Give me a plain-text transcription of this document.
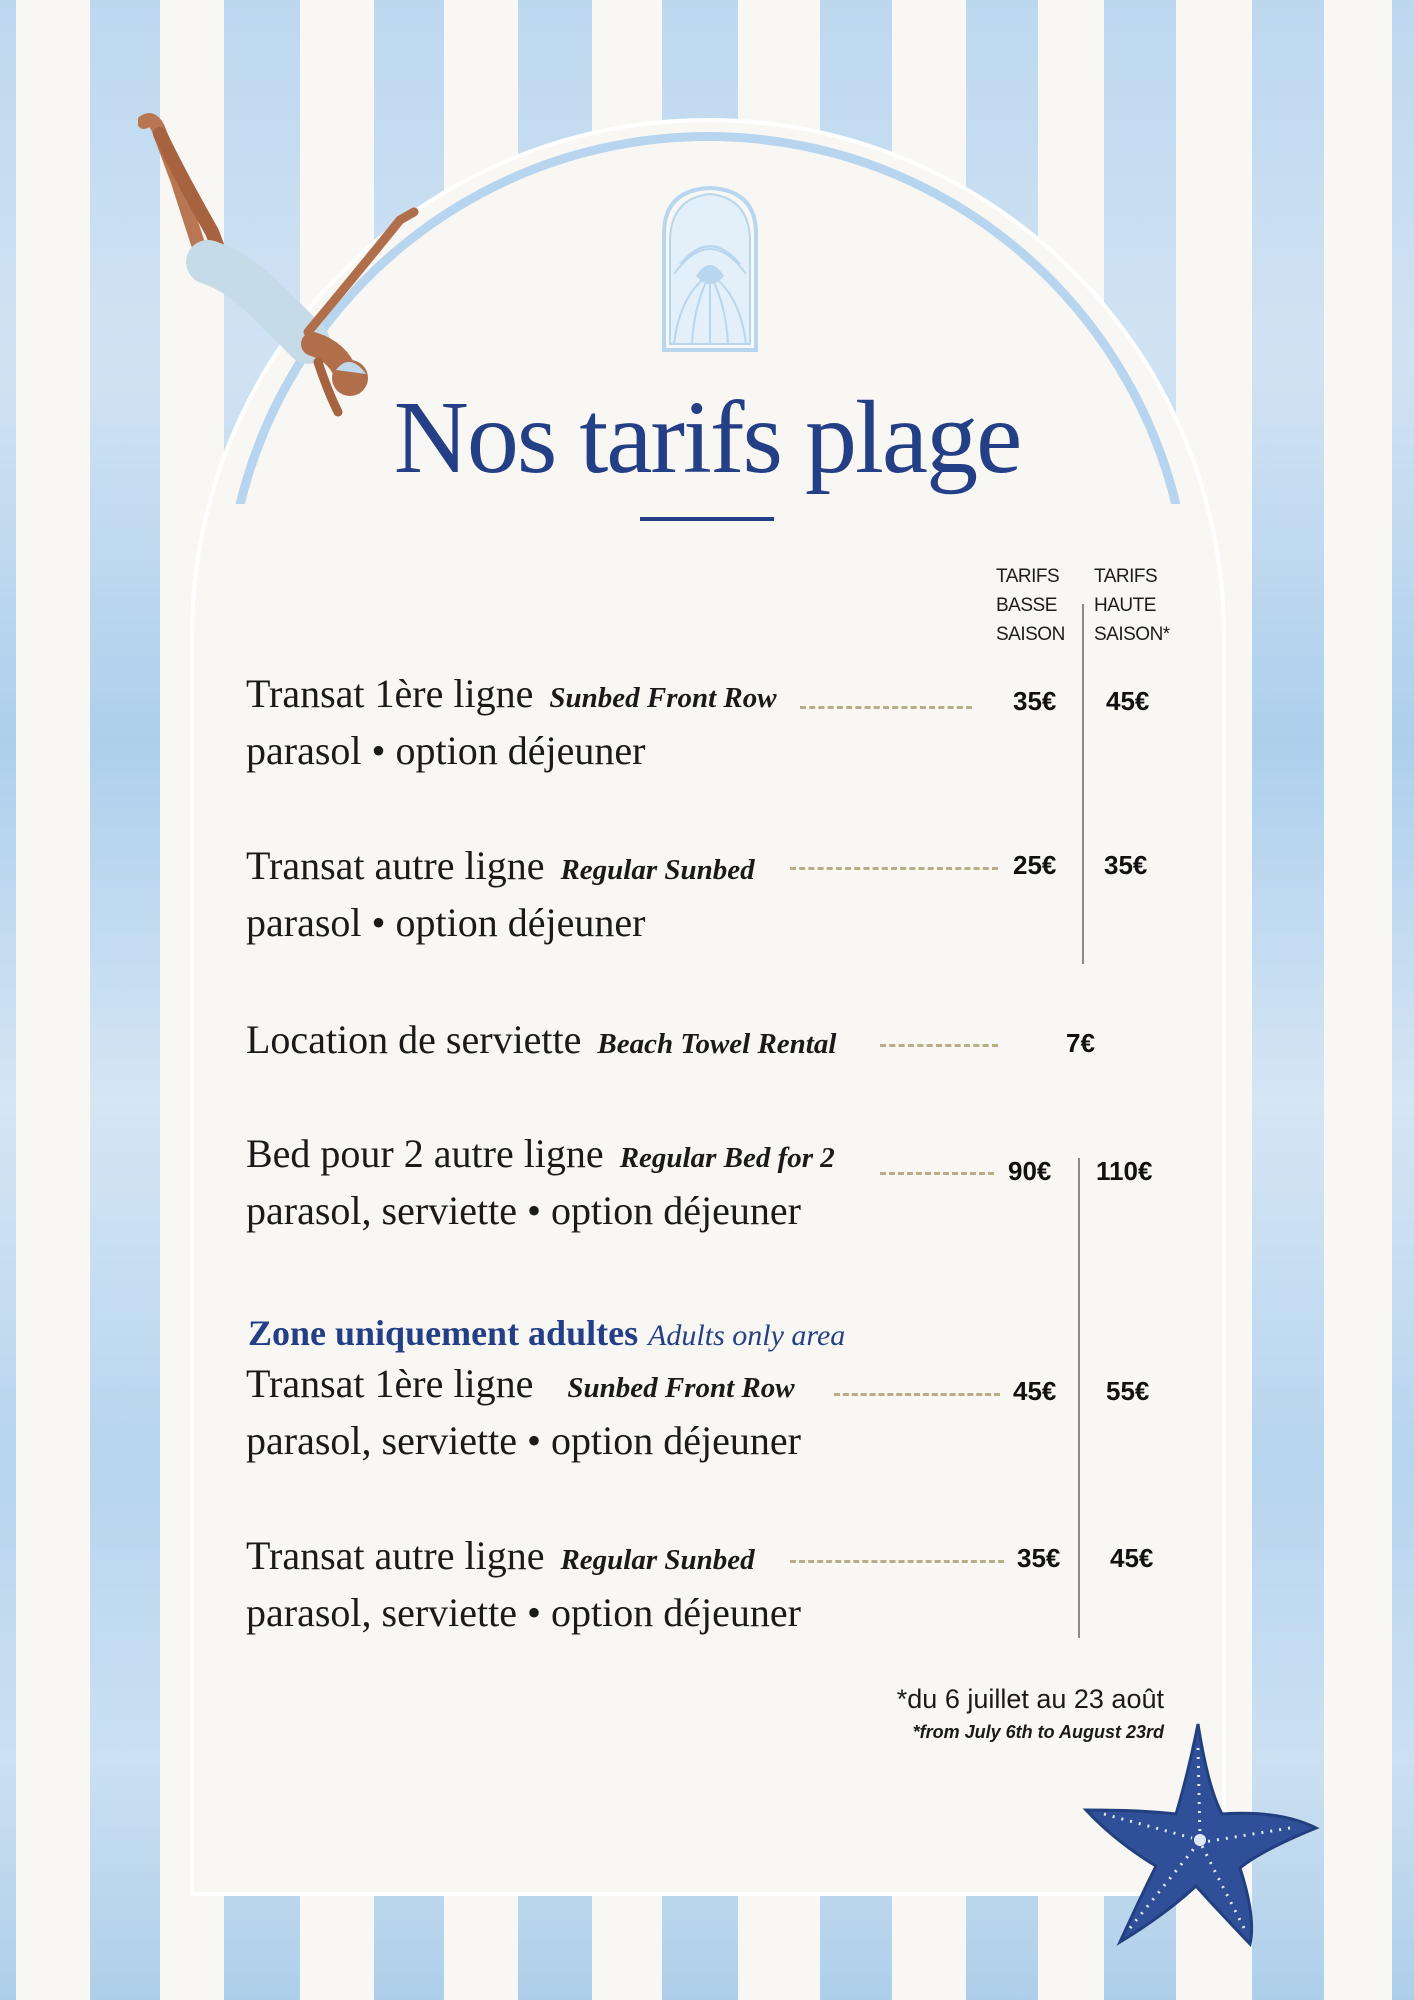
Nos tarifs plage
TARIFS
BASSE
SAISON
TARIFS
HAUTE
SAISON*
Transat 1ère ligne Sunbed Front Row
parasol • option déjeuner
35€ 45€
Transat autre ligne Regular Sunbed
parasol • option déjeuner
25€ 35€
Location de serviette Beach Towel Rental	7€
Bed pour 2 autre ligne Regular Bed for 2
parasol, serviette • option déjeuner
90€ 110€
Zone uniquement adultes Adults only area
Transat 1ère ligne Sunbed Front Row
parasol, serviette • option déjeuner
45€ 55€
Transat autre ligne Regular Sunbed
parasol, serviette • option déjeuner
35€ 45€
*du 6 juillet au 23 août
*from July 6th to August 23rd
